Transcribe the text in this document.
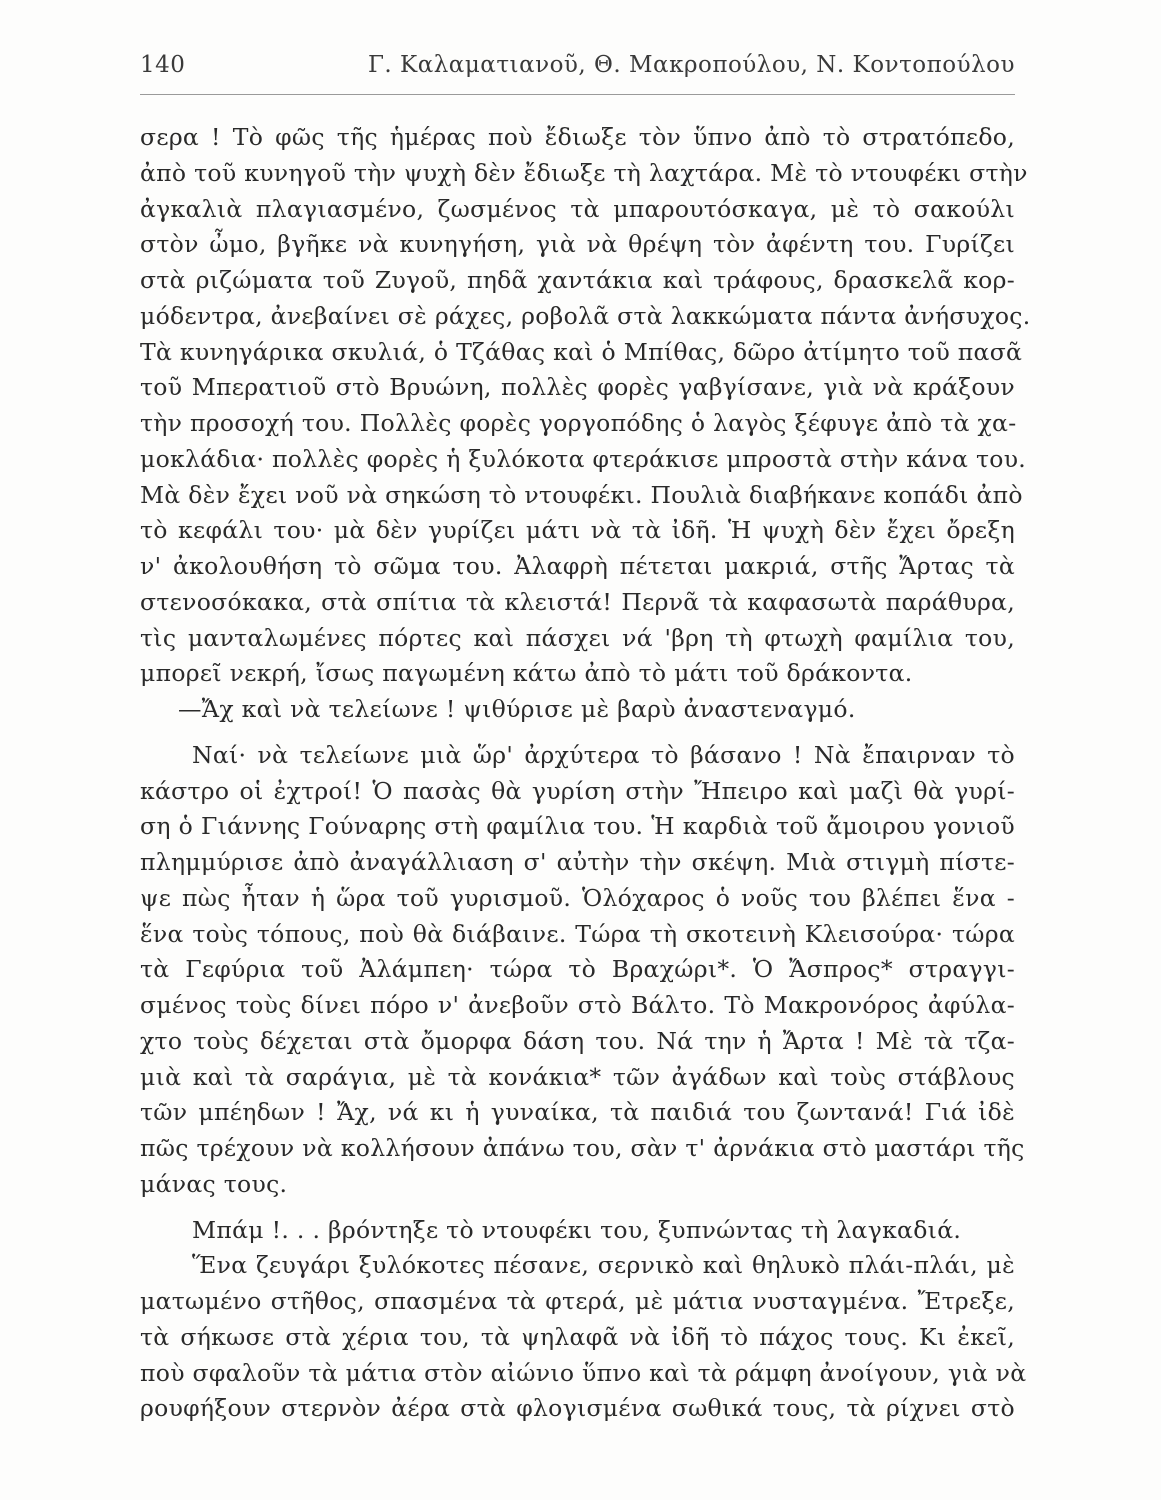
140	Γ. Καλαματιανοῦ, Θ. Μακροπούλου, Ν. Κοντοπούλου
σερα ! Τὸ φῶς τῆς ἡμέρας ποὺ ἔδιωξε τὸν ὕπνο ἀπὸ τὸ στρατόπεδο,
ἀπὸ τοῦ κυνηγοῦ τὴν ψυχὴ δὲν ἔδιωξε τὴ λαχτάρα. Μὲ τὸ ντουφέκι στὴν
ἀγκαλιὰ πλαγιασμένο, ζωσμένος τὰ μπαρουτόσκαγα, μὲ τὸ σακούλι
στὸν ὦμο, βγῆκε νὰ κυνηγήση, γιὰ νὰ θρέψη τὸν ἀφέντη του. Γυρίζει
στὰ ριζώματα τοῦ Ζυγοῦ, πηδᾶ χαντάκια καὶ τράφους, δρασκελᾶ κορ-
μόδεντρα, ἀνεβαίνει σὲ ράχες, ροβολᾶ στὰ λακκώματα πάντα ἀνήσυχος.
Τὰ κυνηγάρικα σκυλιά, ὁ Τζάθας καὶ ὁ Μπίθας, δῶρο ἀτίμητο τοῦ πασᾶ
τοῦ Μπερατιοῦ στὸ Βρυώνη, πολλὲς φορὲς γαβγίσανε, γιὰ νὰ κράξουν
τὴν προσοχή του. Πολλὲς φορὲς γοργοπόδης ὁ λαγὸς ξέφυγε ἀπὸ τὰ χα-
μοκλάδια· πολλὲς φορὲς ἡ ξυλόκοτα φτεράκισε μπροστὰ στὴν κάνα του.
Μὰ δὲν ἔχει νοῦ νὰ σηκώση τὸ ντουφέκι. Πουλιὰ διαβήκανε κοπάδι ἀπὸ
τὸ κεφάλι του· μὰ δὲν γυρίζει μάτι νὰ τὰ ἰδῆ. Ἡ ψυχὴ δὲν ἔχει ὄρεξη
ν' ἀκολουθήση τὸ σῶμα του. Ἀλαφρὴ πέτεται μακριά, στῆς Ἄρτας τὰ
στενοσόκακα, στὰ σπίτια τὰ κλειστά! Περνᾶ τὰ καφασωτὰ παράθυρα,
τὶς μανταλωμένες πόρτες καὶ πάσχει νά 'βρη τὴ φτωχὴ φαμίλια του,
μπορεῖ νεκρή, ἴσως παγωμένη κάτω ἀπὸ τὸ μάτι τοῦ δράκοντα.
—Ἄχ καὶ νὰ τελείωνε ! ψιθύρισε μὲ βαρὺ ἀναστεναγμό.
Ναί· νὰ τελείωνε μιὰ ὥρ' ἀρχύτερα τὸ βάσανο ! Νὰ ἔπαιρναν τὸ
κάστρο οἱ ἐχτροί! Ὁ πασὰς θὰ γυρίση στὴν Ἤπειρο καὶ μαζὶ θὰ γυρί-
ση ὁ Γιάννης Γούναρης στὴ φαμίλια του. Ἡ καρδιὰ τοῦ ἄμοιρου γονιοῦ
πλημμύρισε ἀπὸ ἀναγάλλιαση σ' αὐτὴν τὴν σκέψη. Μιὰ στιγμὴ πίστε-
ψε πὼς ἦταν ἡ ὥρα τοῦ γυρισμοῦ. Ὁλόχαρος ὁ νοῦς του βλέπει ἕνα -
ἕνα τοὺς τόπους, ποὺ θὰ διάβαινε. Τώρα τὴ σκοτεινὴ Κλεισούρα· τώρα
τὰ Γεφύρια τοῦ Ἀλάμπεη· τώρα τὸ Βραχώρι*. Ὁ Ἄσπρος* στραγγι-
σμένος τοὺς δίνει πόρο ν' ἀνεβοῦν στὸ Βάλτο. Τὸ Μακρονόρος ἀφύλα-
χτο τοὺς δέχεται στὰ ὄμορφα δάση του. Νά την ἡ Ἄρτα ! Μὲ τὰ τζα-
μιὰ καὶ τὰ σαράγια, μὲ τὰ κονάκια* τῶν ἀγάδων καὶ τοὺς στάβλους
τῶν μπέηδων ! Ἄχ, νά κι ἡ γυναίκα, τὰ παιδιά του ζωντανά! Γιά ἰδὲ
πῶς τρέχουν νὰ κολλήσουν ἀπάνω του, σὰν τ' ἀρνάκια στὸ μαστάρι τῆς
μάνας τους.
Μπάμ !. . . βρόντηξε τὸ ντουφέκι του, ξυπνώντας τὴ λαγκαδιά.
Ἕνα ζευγάρι ξυλόκοτες πέσανε, σερνικὸ καὶ θηλυκὸ πλάι-πλάι, μὲ
ματωμένο στῆθος, σπασμένα τὰ φτερά, μὲ μάτια νυσταγμένα. Ἔτρεξε,
τὰ σήκωσε στὰ χέρια του, τὰ ψηλαφᾶ νὰ ἰδῆ τὸ πάχος τους. Κι ἐκεῖ,
ποὺ σφαλοῦν τὰ μάτια στὸν αἰώνιο ὕπνο καὶ τὰ ράμφη ἀνοίγουν, γιὰ νὰ
ρουφήξουν στερνὸν ἀέρα στὰ φλογισμένα σωθικά τους, τὰ ρίχνει στὸ
